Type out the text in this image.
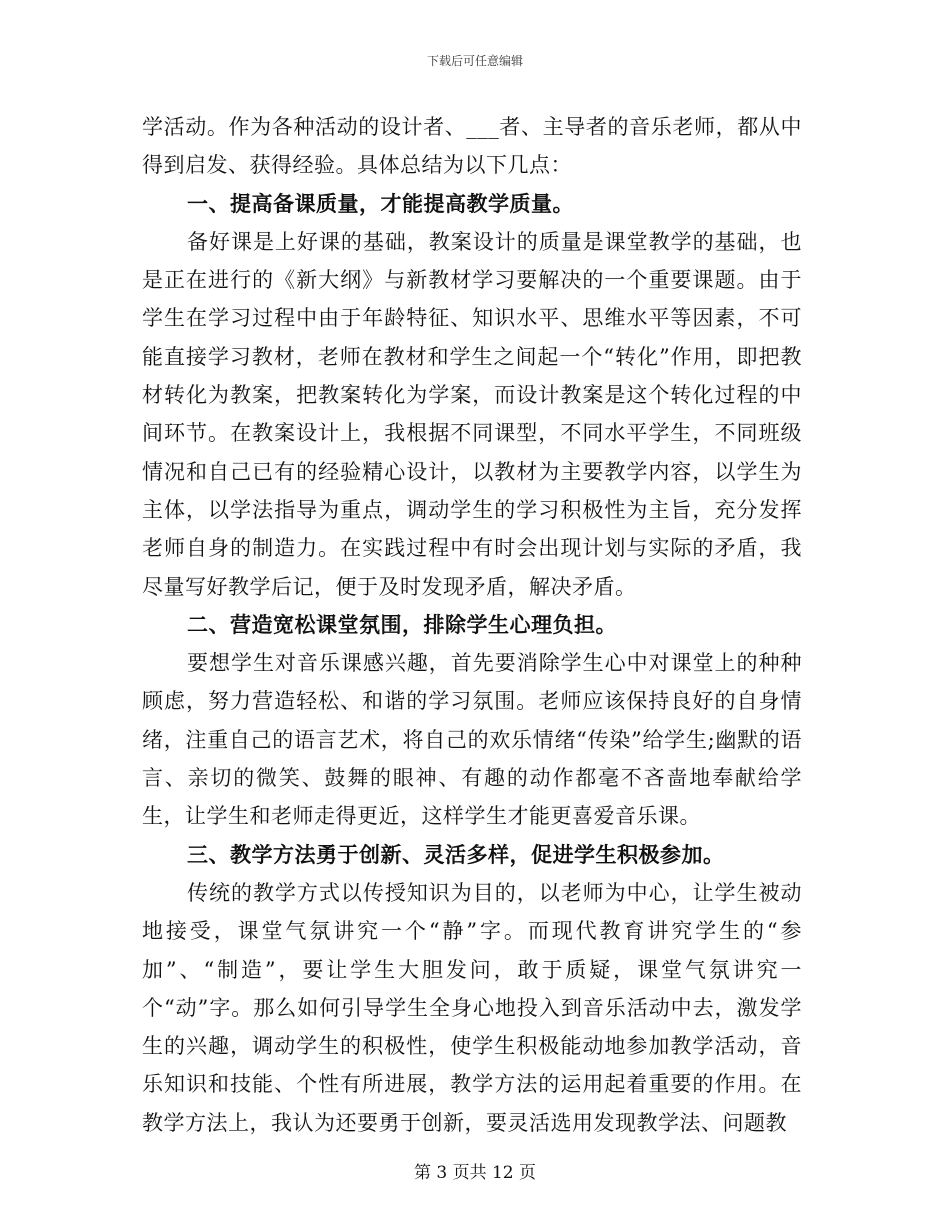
下载后可任意编辑

学活动。作为各种活动的设计者、___者、主导者的音乐老师，都从中得到启发、获得经验。具体总结为以下几点：

一、提高备课质量，才能提高教学质量。

备好课是上好课的基础，教案设计的质量是课堂教学的基础，也是正在进行的《新大纲》与新教材学习要解决的一个重要课题。由于学生在学习过程中由于年龄特征、知识水平、思维水平等因素，不可能直接学习教材，老师在教材和学生之间起一个“转化”作用，即把教材转化为教案，把教案转化为学案，而设计教案是这个转化过程的中间环节。在教案设计上，我根据不同课型，不同水平学生，不同班级情况和自己已有的经验精心设计，以教材为主要教学内容，以学生为主体，以学法指导为重点，调动学生的学习积极性为主旨，充分发挥老师自身的制造力。在实践过程中有时会出现计划与实际的矛盾，我尽量写好教学后记，便于及时发现矛盾，解决矛盾。

二、营造宽松课堂氛围，排除学生心理负担。

要想学生对音乐课感兴趣，首先要消除学生心中对课堂上的种种顾虑，努力营造轻松、和谐的学习氛围。老师应该保持良好的自身情绪，注重自己的语言艺术，将自己的欢乐情绪“传染”给学生;幽默的语言、亲切的微笑、鼓舞的眼神、有趣的动作都毫不吝啬地奉献给学生，让学生和老师走得更近，这样学生才能更喜爱音乐课。

三、教学方法勇于创新、灵活多样，促进学生积极参加。

传统的教学方式以传授知识为目的，以老师为中心，让学生被动地接受，课堂气氛讲究一个“静”字。而现代教育讲究学生的“参加”、“制造”，要让学生大胆发问，敢于质疑，课堂气氛讲究一个“动”字。那么如何引导学生全身心地投入到音乐活动中去，激发学生的兴趣，调动学生的积极性，使学生积极能动地参加教学活动，音乐知识和技能、个性有所进展，教学方法的运用起着重要的作用。在教学方法上，我认为还要勇于创新，要灵活选用发现教学法、问题教

第 3 页共 12 页
